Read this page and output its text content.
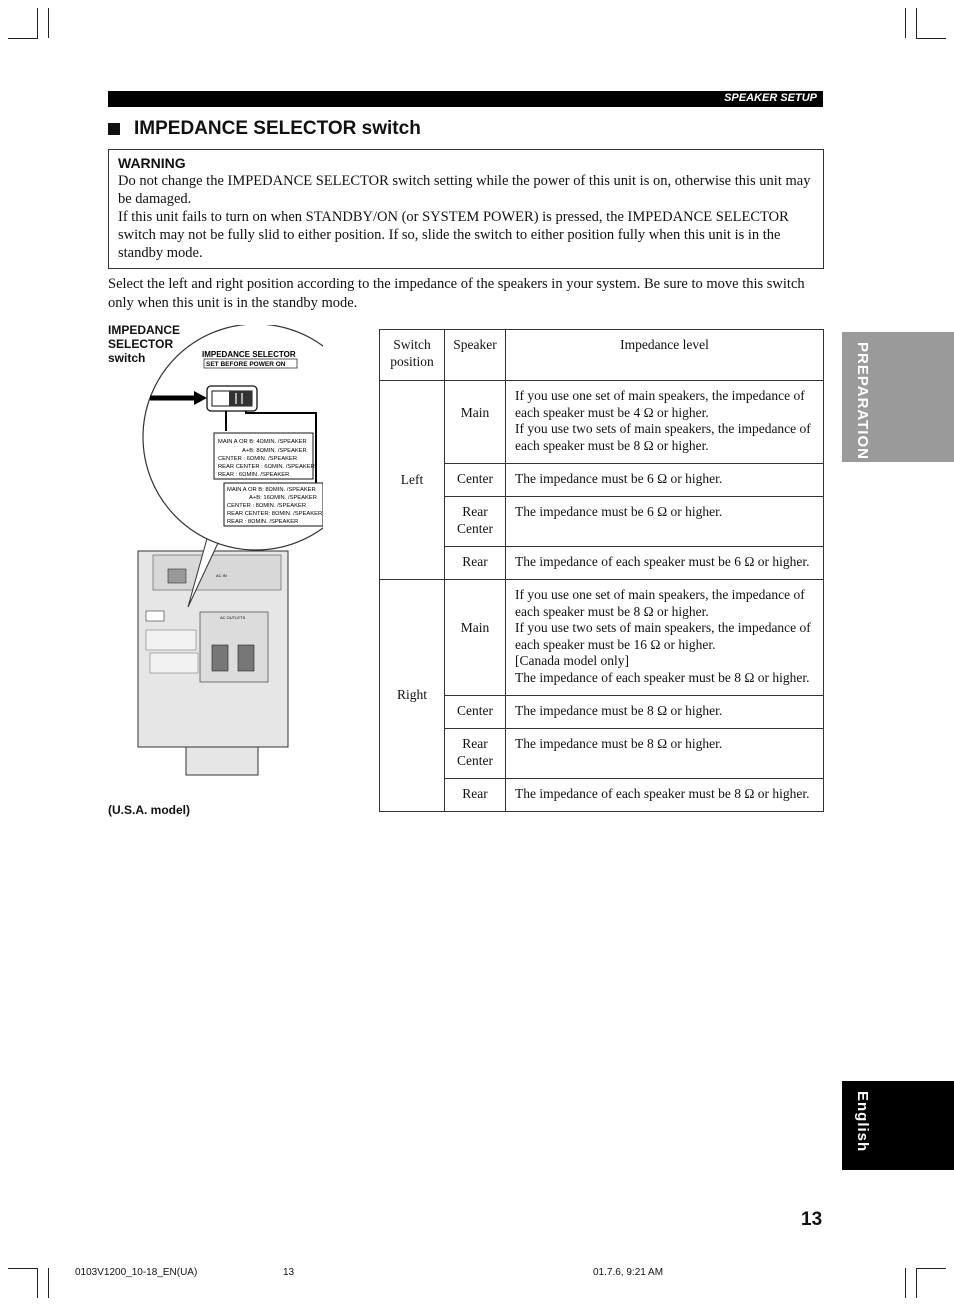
SPEAKER SETUP
IMPEDANCE SELECTOR switch
WARNING

Do not change the IMPEDANCE SELECTOR switch setting while the power of this unit is on, otherwise this unit may be damaged.

If this unit fails to turn on when STANDBY/ON (or SYSTEM POWER) is pressed, the IMPEDANCE SELECTOR switch may not be fully slid to either position. If so, slide the switch to either position fully when this unit is in the standby mode.

Select the left and right position according to the impedance of the speakers in your system. Be sure to move this switch only when this unit is in the standby mode.
IMPEDANCE
SELECTOR
switch
AC IN
AC OUTLETS
IMPEDANCE SELECTOR
SET BEFORE POWER ON
MAIN A OR B: 4ΩMIN. /SPEAKER
A+B: 8ΩMIN. /SPEAKER
CENTER : 6ΩMIN. /SPEAKER
REAR CENTER : 6ΩMIN. /SPEAKER
REAR : 6ΩMIN. /SPEAKER
MAIN A OR B: 8ΩMIN. /SPEAKER
A+B: 16ΩMIN. /SPEAKER
CENTER : 8ΩMIN. /SPEAKER
REAR CENTER: 8ΩMIN. /SPEAKER
REAR : 8ΩMIN. /SPEAKER
(U.S.A. model)
Switch position	Speaker	Impedance level
Left	Main	If you use one set of main speakers, the impedance of each speaker must be 4 Ω or higher.
If you use two sets of main speakers, the impedance of each speaker must be 8 Ω or higher.
	Center	The impedance must be 6 Ω or higher.
	Rear Center	The impedance must be 6 Ω or higher.
	Rear	The impedance of each speaker must be 6 Ω or higher.
Right	Main	If you use one set of main speakers, the impedance of each speaker must be 8 Ω or higher.
If you use two sets of main speakers, the impedance of each speaker must be 16 Ω or higher.
[Canada model only]
The impedance of each speaker must be 8 Ω or higher.
	Center	The impedance must be 8 Ω or higher.
	Rear Center	The impedance must be 8 Ω or higher.
	Rear	The impedance of each speaker must be 8 Ω or higher.
PREPARATION
English
13
0103V1200_10-18_EN(UA)	13	01.7.6, 9:21 AM
